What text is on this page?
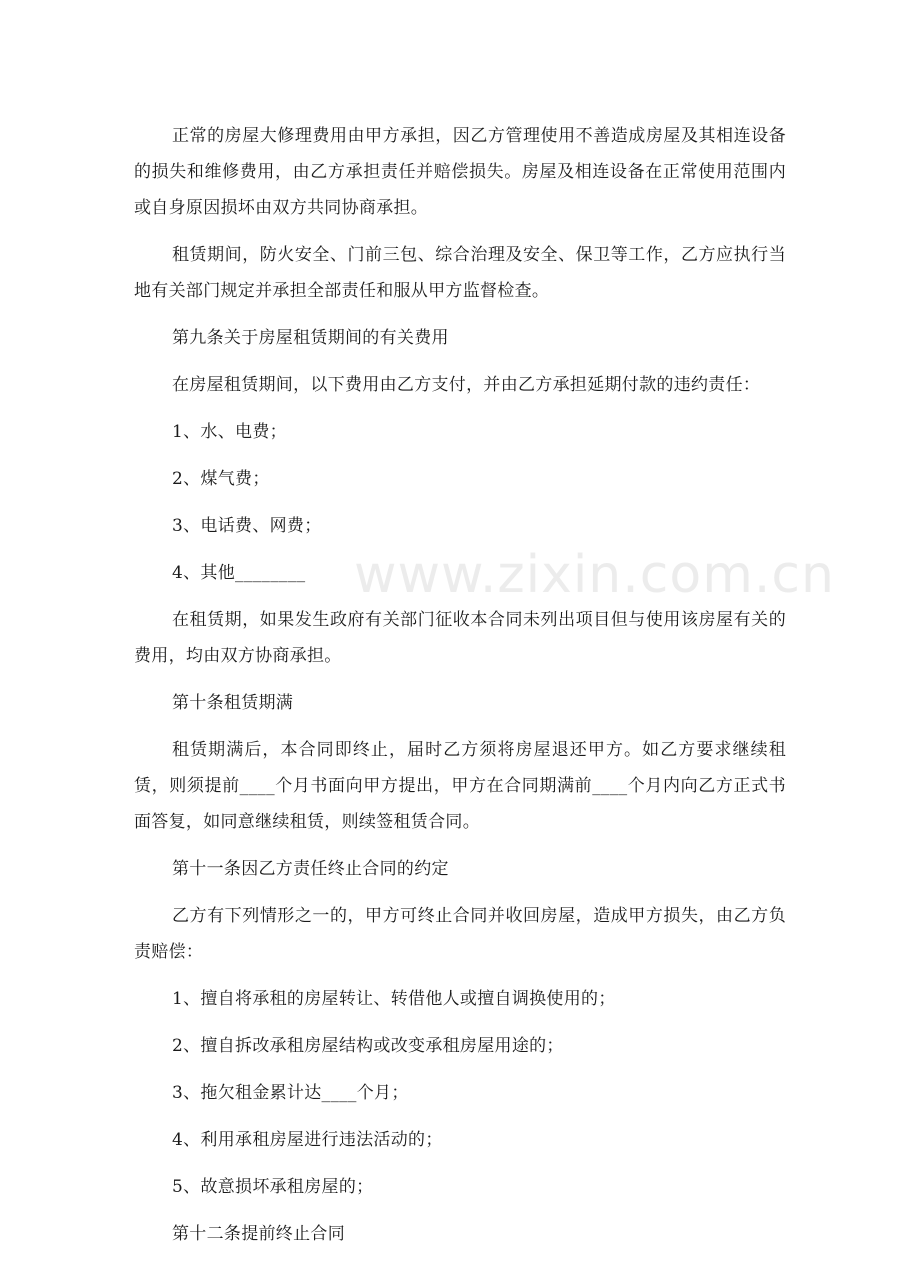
www.zixin.com.cn

正常的房屋大修理费用由甲方承担，因乙方管理使用不善造成房屋及其相连设备的损失和维修费用，由乙方承担责任并赔偿损失。房屋及相连设备在正常使用范围内或自身原因损坏由双方共同协商承担。

租赁期间，防火安全、门前三包、综合治理及安全、保卫等工作，乙方应执行当地有关部门规定并承担全部责任和服从甲方监督检查。

第九条关于房屋租赁期间的有关费用

在房屋租赁期间，以下费用由乙方支付，并由乙方承担延期付款的违约责任：

1、水、电费；

2、煤气费；

3、电话费、网费；

4、其他________

在租赁期，如果发生政府有关部门征收本合同未列出项目但与使用该房屋有关的费用，均由双方协商承担。

第十条租赁期满

租赁期满后，本合同即终止，届时乙方须将房屋退还甲方。如乙方要求继续租赁，则须提前____个月书面向甲方提出，甲方在合同期满前____个月内向乙方正式书面答复，如同意继续租赁，则续签租赁合同。

第十一条因乙方责任终止合同的约定

乙方有下列情形之一的，甲方可终止合同并收回房屋，造成甲方损失，由乙方负责赔偿：

1、擅自将承租的房屋转让、转借他人或擅自调换使用的；

2、擅自拆改承租房屋结构或改变承租房屋用途的；

3、拖欠租金累计达____个月；

4、利用承租房屋进行违法活动的；

5、故意损坏承租房屋的；

第十二条提前终止合同
